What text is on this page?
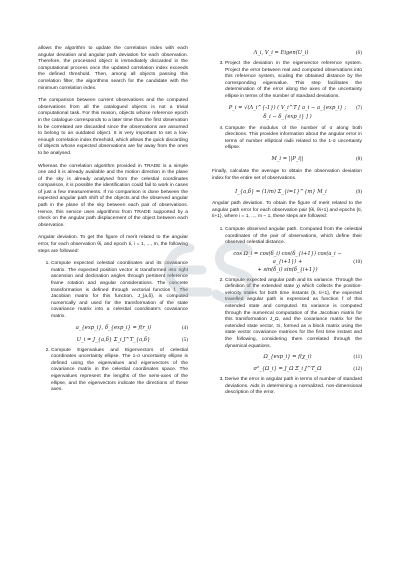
allows the algorithm to update the correlation index with each angular deviation and angular path deviation for each observation. Therefore, the processed object is immediately discarded in the computational process once the updated correlation index exceeds the defined threshold. Then, among all objects passing this correlation filter, the algorithms search for the candidate with the minimum correlation index.

The comparison between current observations and the computed observations from all the catalogued objects is not a trivial computational task. For this reason, objects whose reference epoch in the catalogue corresponds to a later time than the first observation to be correlated are discarded since the observations are assumed to belong to an outdated object. It is very important to set a low-enough correlation index threshold, which allows the quick discarding of objects whose expected observations are far away from the ones to be analysed.

Whereas the correlation algorithm provided in TRADE is a simple one and it is already available and the motion direction in the plane of the sky is already analysed from the celestial coordinates comparison, it is possible the identification could fail to work in cases of just a few measurements. If no comparison is done between the expected angular path shift of the objects and the observed angular path in the plane of the sky between each pair of observations. Hence, this service uses algorithms from TRADE supported by a check on the angular path displacement of the object between each observation.

Angular deviation. To get the figure of merit related to the angular error, for each observation θi, and epoch ti, i = 1, ..., m, the following steps are followed:

1. Compute expected celestial coordinates and its covariance matrix. The expected position vector is transformed into right ascension and declination angles through pertinent reference frame rotation and angular considerations. The concrete transformation is defined through vectorial function f. The Jacobian matrix for this function, J_{a,δ}, is computed numerically and used for the transformation of the state covariance matrix into a celestial coordinate's covariance matrix.
a_{exp_i}, δ_{exp_i} = f(r_i)	(4)
U_i = J_{a,δ} Σ_i J^T_{a,δ}	(5)
2. Compute Eigenvalues and Eigenvectors of celestial coordinates uncertainty ellipse. The 1-σ uncertainty ellipse is defined using the eigenvalues and eigenvectors of the covariance matrix in the celestial coordinates space. The eigenvalues represent the lengths of the semi-axes of the ellipse, and the eigenvectors indicate the directions of these axes.
Λ_i, V_i = Eigen(U_i)	(6)
3. Project the deviation in the eigenvector reference system. Project the error between real and computed observations into this reference system, scaling the obtained distance by the corresponding eigenvalue. This step facilitates the determination of the error along the axes of the uncertainty ellipse in terms of the number of standard deviations.
P_i = √(Λ_i^{-1}) ( V_i^T [ a_i − a_{exp_i} ; δ_i − δ_{exp_i} ] )
(7)
4. Compute the modulus of the number of σ along both directions. This provides information about the angular error in terms of number elliptical radii related to the 1-σ uncertainty ellipse.
M_i = ||P_i||	(8)

Finally, calculate the average to obtain the observation deviation index for the entire set of observations.

I_{a,δ} = (1/m) Σ_{i=1}^{m} M_i	(9)

Angular path deviation. To obtain the figure of merit related to the angular path error for each observation pair {θi, θi+1} and epochs {ti, ti+1}, where i = 1, ..., m − 1, these steps are followed:

1. Compute observed angular path. Computed from the celestial coordinates of the pair of observations, which define their observed celestial distance.
cos Ω_i = cos(δ_i) cos(δ_{i+1}) cos(a_i − a_{i+1}) +
+ sin(δ_i) sin(δ_{i+1})
(10)
2. Compute expected angular path and its variance. Through the definition of the extended state χi which collects the position-velocity states for both time instants {ti, ti+1}, the expected travelled angular path is expressed as function f of this extended state and computed. Its variance is computed through the numerical computation of the Jacobian matrix for this transformation J_Ω, and the covariance matrix for the extended state vector, Ξi, formed as a block matrix using the state vector covariance matrices for the first time instant and the following, considering them correlated through the dynamical equations.
Ω_{exp_i} = f(χ_i)	(11)
σ²_{Ω_i} = J_Ω Ξ_i J^T_Ω	(12)
3. Derive the error in angular path in terms of number of standard deviations. Aids in determining a normalized, non-dimensional description of the error.
